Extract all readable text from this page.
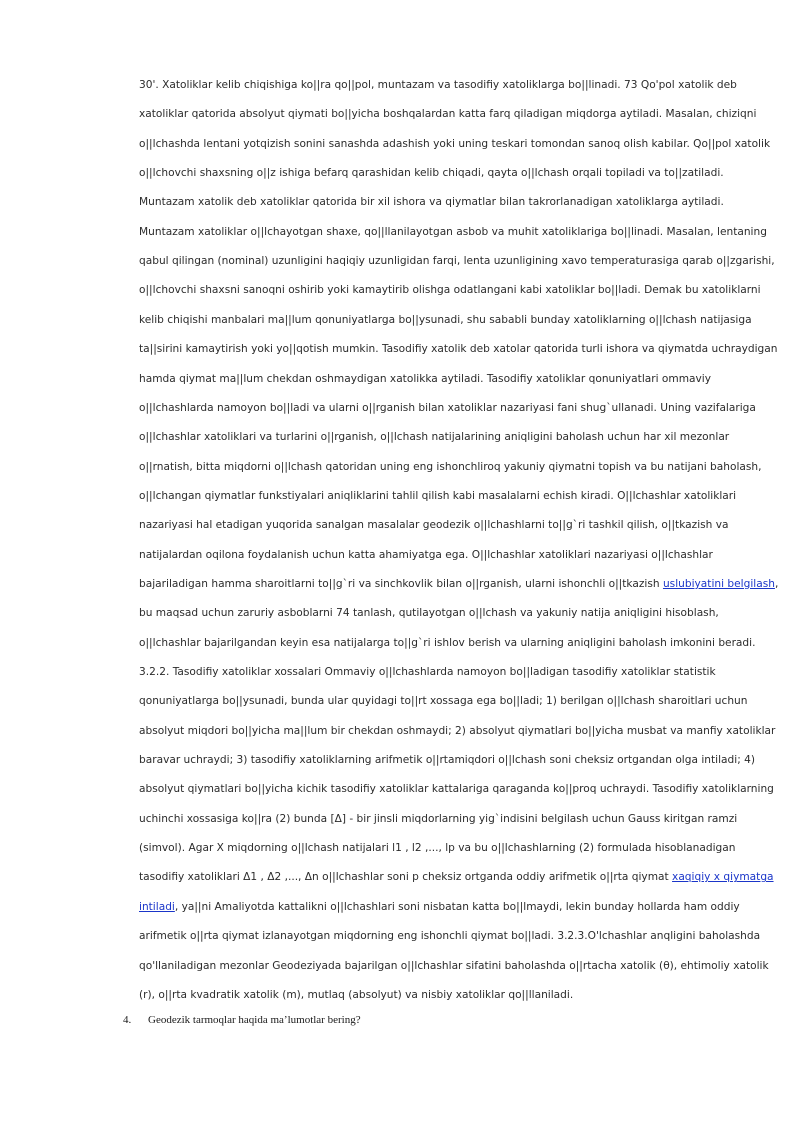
30'. Xatoliklar kelib chiqishiga ko||ra qo||pol, muntazam va tasodifiy xatoliklarga bo||linadi. 73 Qo'pol xatolik deb
xatoliklar qatorida absolyut qiymati bo||yicha boshqalardan katta farq qiladigan miqdorga aytiladi. Masalan, chiziqni
o||lchashda lentani yotqizish sonini sanashda adashish yoki uning teskari tomondan sanoq olish kabilar. Qo||pol xatolik
o||lchovchi shaxsning o||z ishiga befarq qarashidan kelib chiqadi, qayta o||lchash orqali topiladi va to||zatiladi.
Muntazam xatolik deb xatoliklar qatorida bir xil ishora va qiymatlar bilan takrorlanadigan xatoliklarga aytiladi.
Muntazam xatoliklar o||lchayotgan shaxe, qo||llanilayotgan asbob va muhit xatoliklariga bo||linadi. Masalan, lentaning
qabul qilingan (nominal) uzunligini haqiqiy uzunligidan farqi, lenta uzunligining xavo temperaturasiga qarab o||zgarishi,
o||lchovchi shaxsni sanoqni oshirib yoki kamaytirib olishga odatlangani kabi xatoliklar bo||ladi. Demak bu xatoliklarni
kelib chiqishi manbalari ma||lum qonuniyatlarga bo||ysunadi, shu sababli bunday xatoliklarning o||lchash natijasiga
ta||sirini kamaytirish yoki yo||qotish mumkin. Tasodifiy xatolik deb xatolar qatorida turli ishora va qiymatda uchraydigan
hamda qiymat ma||lum chekdan oshmaydigan xatolikka aytiladi. Tasodifiy xatoliklar qonuniyatlari ommaviy
o||lchashlarda namoyon bo||ladi va ularni o||rganish bilan xatoliklar nazariyasi fani shug`ullanadi. Uning vazifalariga
o||lchashlar xatoliklari va turlarini o||rganish, o||lchash natijalarining aniqligini baholash uchun har xil mezonlar
o||rnatish, bitta miqdorni o||lchash qatoridan uning eng ishonchliroq yakuniy qiymatni topish va bu natijani baholash,
o||lchangan qiymatlar funkstiyalari aniqliklarini tahlil qilish kabi masalalarni echish kiradi. O||lchashlar xatoliklari
nazariyasi hal etadigan yuqorida sanalgan masalalar geodezik o||lchashlarni to||g`ri tashkil qilish, o||tkazish va
natijalardan oqilona foydalanish uchun katta ahamiyatga ega. O||lchashlar xatoliklari nazariyasi o||lchashlar
bajariladigan hamma sharoitlarni to||g`ri va sinchkovlik bilan o||rganish, ularni ishonchli o||tkazish uslubiyatini belgilash,
bu maqsad uchun zaruriy asboblarni 74 tanlash, qutilayotgan o||lchash va yakuniy natija aniqligini hisoblash,
o||lchashlar bajarilgandan keyin esa natijalarga to||g`ri ishlov berish va ularning aniqligini baholash imkonini beradi.
3.2.2. Tasodifiy xatoliklar xossalari Ommaviy o||lchashlarda namoyon bo||ladigan tasodifiy xatoliklar statistik
qonuniyatlarga bo||ysunadi, bunda ular quyidagi to||rt xossaga ega bo||ladi; 1) berilgan o||lchash sharoitlari uchun
absolyut miqdori bo||yicha ma||lum bir chekdan oshmaydi; 2) absolyut qiymatlari bo||yicha musbat va manfiy xatoliklar
baravar uchraydi; 3) tasodifiy xatoliklarning arifmetik o||rtamiqdori o||lchash soni cheksiz ortgandan olga intiladi; 4)
absolyut qiymatlari bo||yicha kichik tasodifiy xatoliklar kattalariga qaraganda ko||proq uchraydi. Tasodifiy xatoliklarning
uchinchi xossasiga ko||ra (2) bunda [Δ] - bir jinsli miqdorlarning yig`indisini belgilash uchun Gauss kiritgan ramzi
(simvol). Agar X miqdorning o||lchash natijalari l1 , l2 ,..., lp va bu o||lchashlarning (2) formulada hisoblanadigan
tasodifiy xatoliklari Δ1 , Δ2 ,..., Δn o||lchashlar soni p cheksiz ortganda oddiy arifmetik o||rta qiymat xaqiqiy x qiymatga
intiladi, ya||ni Amaliyotda kattalikni o||lchashlari soni nisbatan katta bo||lmaydi, lekin bunday hollarda ham oddiy
arifmetik o||rta qiymat izlanayotgan miqdorning eng ishonchli qiymat bo||ladi. 3.2.3.O'lchashlar anqligini baholashda
qo'llaniladigan mezonlar Geodeziyada bajarilgan o||lchashlar sifatini baholashda o||rtacha xatolik (θ), ehtimoliy xatolik
(r), o||rta kvadratik xatolik (m), mutlaq (absolyut) va nisbiy xatoliklar qo||llaniladi.
4. Geodezik tarmoqlar haqida ma’lumotlar bering?
